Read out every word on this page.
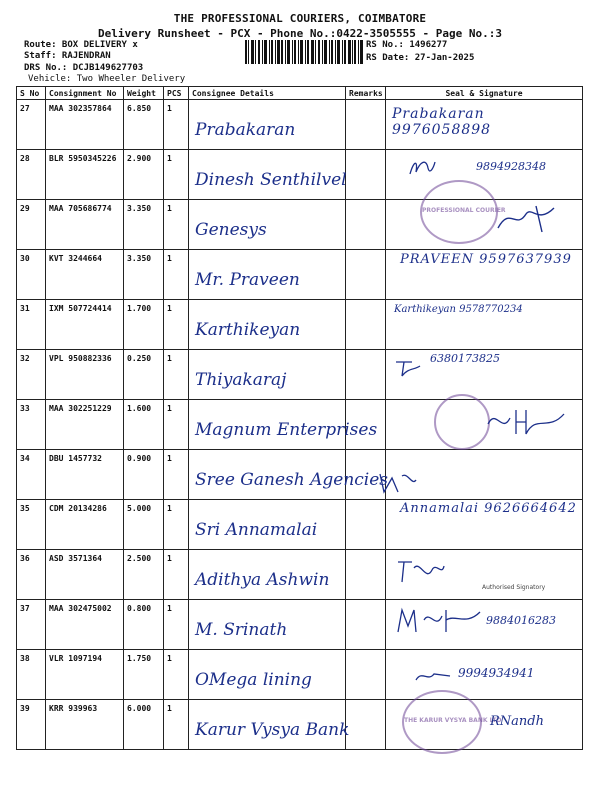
THE PROFESSIONAL COURIERS, COIMBATORE
Delivery Runsheet - PCX - Phone No.:0422-3505555 - Page No.:3
Route: BOX DELIVERY x
Staff: RAJENDRAN
DRS No.: DCJB149627703
Vehicle: Two Wheeler Delivery
RS No.: 1496277
RS Date: 27-Jan-2025
S No	Consignment No	Weight	PCS	Consignee Details	Remarks	Seal & Signature
27	MAA 302357864	6.850	1	Prabakaran		Prabakaran 9976058898

28	BLR 5950345226	2.900	1	Dinesh Senthilvel		9894928348

29	MAA 705686774	3.350	1	Genesys		PROFESSIONAL COURIER

30	KVT 3244664	3.350	1	Mr. Praveen		PRAVEEN 9597637939

31	IXM 507724414	1.700	1	Karthikeyan		Karthikeyan 9578770234

32	VPL 950882336	0.250	1	Thiyakaraj		6380173825

33	MAA 302251229	1.600	1	Magnum Enterprises

34	DBU 1457732	0.900	1	Sree Ganesh Agencies

35	CDM 20134286	5.000	1	Sri Annamalai		Annamalai 9626664642

36	ASD 3571364	2.500	1	Adithya Ashwin		Authorised Signatory

37	MAA 302475002	0.800	1	M. Srinath		9884016283

38	VLR 1097194	1.750	1	OMega lining		9994934941

39	KRR 939963	6.000	1	Karur Vysya Bank		THE KARUR VYSYA BANK LTD
RNandh
